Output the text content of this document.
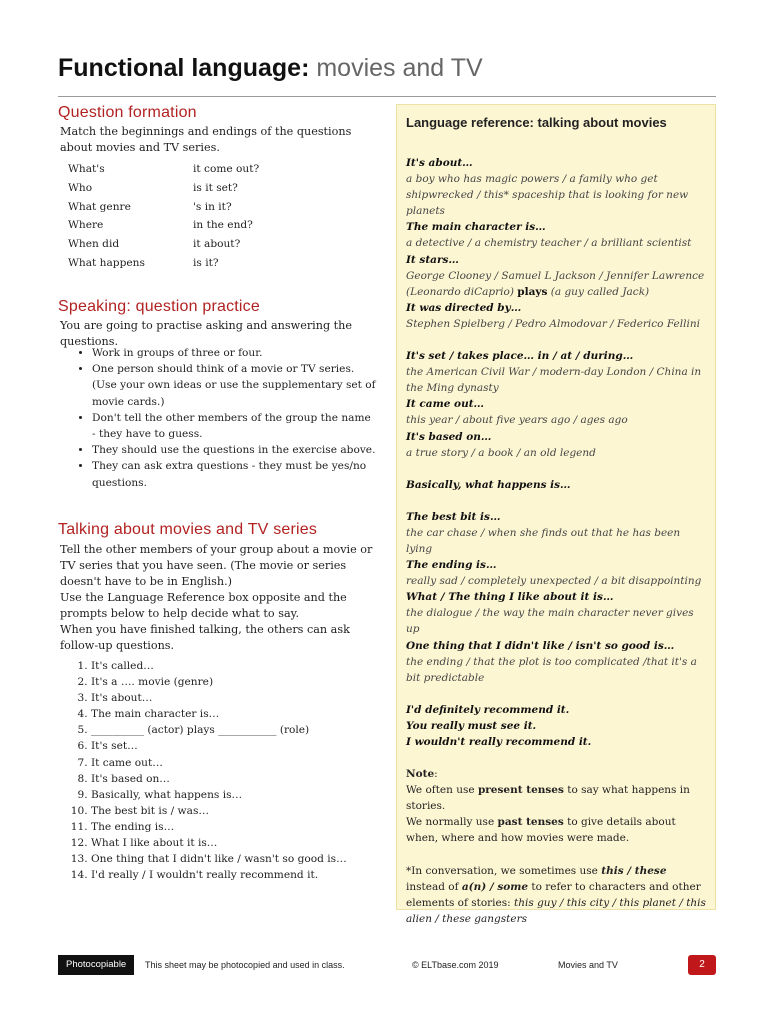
Functional language: movies and TV
Question formation

Match the beginnings and endings of the questions about movies and TV series.

What's	it come out?
Who	is it set?
What genre	's in it?
Where	in the end?
When did	it about?
What happens	is it?
Speaking: question practice

You are going to practise asking and answering the questions.

• Work in groups of three or four.
• One person should think of a movie or TV series. (Use your own ideas or use the supplementary set of movie cards.)
• Don't tell the other members of the group the name - they have to guess.
• They should use the questions in the exercise above.
• They can ask extra questions - they must be yes/no questions.
Talking about movies and TV series

Tell the other members of your group about a movie or TV series that you have seen. (The movie or series doesn't have to be in English.)

Use the Language Reference box opposite and the prompts below to help decide what to say.

When you have finished talking, the others can ask follow-up questions.

1. It's called…
2. It's a …. movie (genre)
3. It's about…
4. The main character is…
5. __________ (actor) plays ___________ (role)
6. It's set…
7. It came out…
8. It's based on…
9. Basically, what happens is…
10. The best bit is / was…
11. The ending is…
12. What I like about it is…
13. One thing that I didn't like / wasn't so good is…
14. I'd really / I wouldn't really recommend it.
Language reference: talking about movies
It's about…
a boy who has magic powers / a family who get shipwrecked / this* spaceship that is looking for new planets
The main character is…
a detective / a chemistry teacher / a brilliant scientist
It stars…
George Clooney / Samuel L Jackson / Jennifer Lawrence (Leonardo diCaprio) plays (a guy called Jack)
It was directed by…
Stephen Spielberg / Pedro Almodovar / Federico Fellini
It's set / takes place… in / at / during…
the American Civil War / modern-day London / China in the Ming dynasty
It came out…
this year / about five years ago / ages ago
It's based on…
a true story / a book / an old legend
Basically, what happens is…
The best bit is…
the car chase / when she finds out that he has been lying
The ending is…
really sad / completely unexpected / a bit disappointing
What / The thing I like about it is…
the dialogue / the way the main character never gives up
One thing that I didn't like / isn't so good is…
the ending / that the plot is too complicated /that it's a bit predictable
I'd definitely recommend it.
You really must see it.
I wouldn't really recommend it.
Note:
We often use present tenses to say what happens in stories.
We normally use past tenses to give details about when, where and how movies were made.
*In conversation, we sometimes use this / these instead of a(n) / some to refer to characters and other elements of stories: this guy / this city / this planet / this alien / these gangsters
Photocopiable	This sheet may be photocopied and used in class.	© ELTbase.com 2019	Movies and TV	2
